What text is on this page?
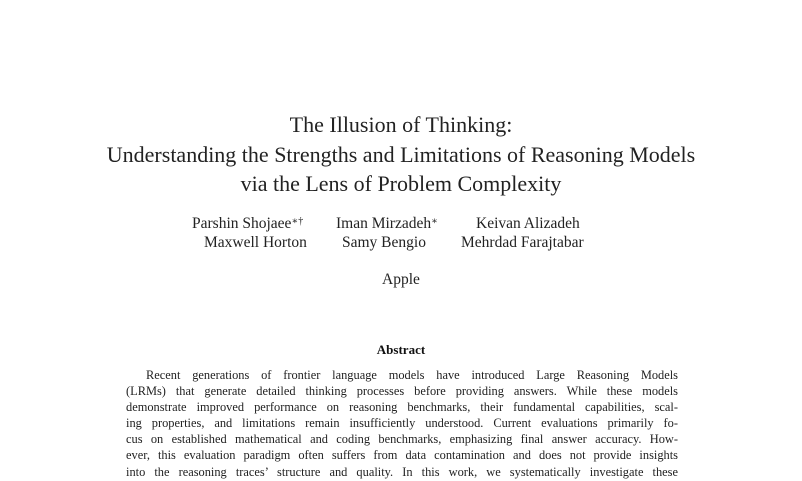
The Illusion of Thinking:
Understanding the Strengths and Limitations of Reasoning Models
via the Lens of Problem Complexity
Parshin Shojaee∗† Iman Mirzadeh∗ Keivan Alizadeh
Maxwell Horton Samy Bengio Mehrdad Farajtabar
Apple
Abstract
Recent generations of frontier language models have introduced Large Reasoning Models
(LRMs) that generate detailed thinking processes before providing answers. While these models
demonstrate improved performance on reasoning benchmarks, their fundamental capabilities, scal-
ing properties, and limitations remain insufficiently understood. Current evaluations primarily fo-
cus on established mathematical and coding benchmarks, emphasizing final answer accuracy. How-
ever, this evaluation paradigm often suffers from data contamination and does not provide insights
into the reasoning traces’ structure and quality. In this work, we systematically investigate these
